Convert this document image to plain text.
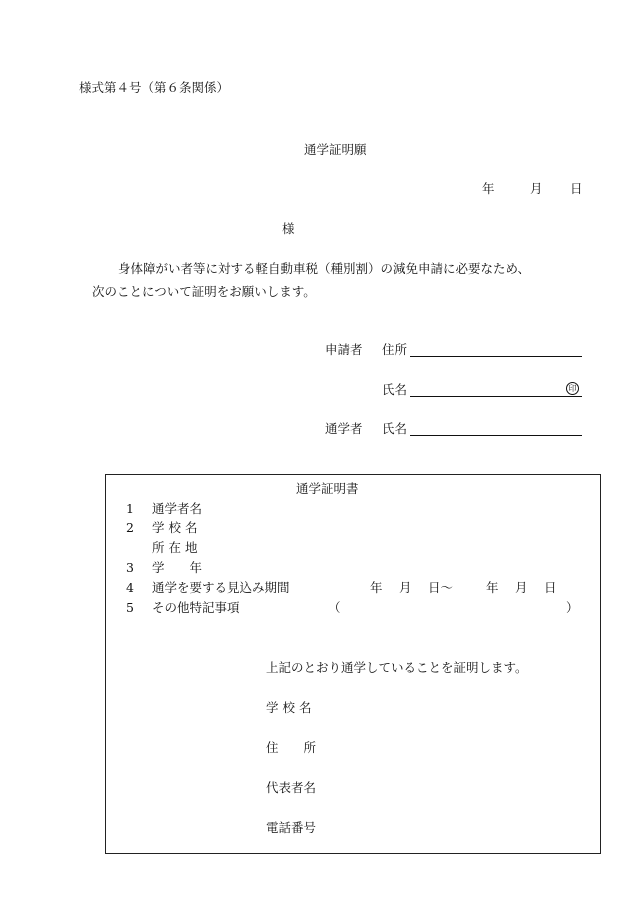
様式第４号（第６条関係）
通学証明願
年	月 日
様
身体障がい者等に対する軽自動車税（種別割）の減免申請に必要なため、
次のことについて証明をお願いします。
申請者 住所
氏名	印
通学者 氏名
通学証明書
1 通学者名
2 学 校 名
所 在 地
3 学　　年
4 通学を要する見込み期間	年 月 日～	年 月 日
5 その他特記事項	（	）
上記のとおり通学していることを証明します。
学 校 名
住　　所
代表者名
電話番号
